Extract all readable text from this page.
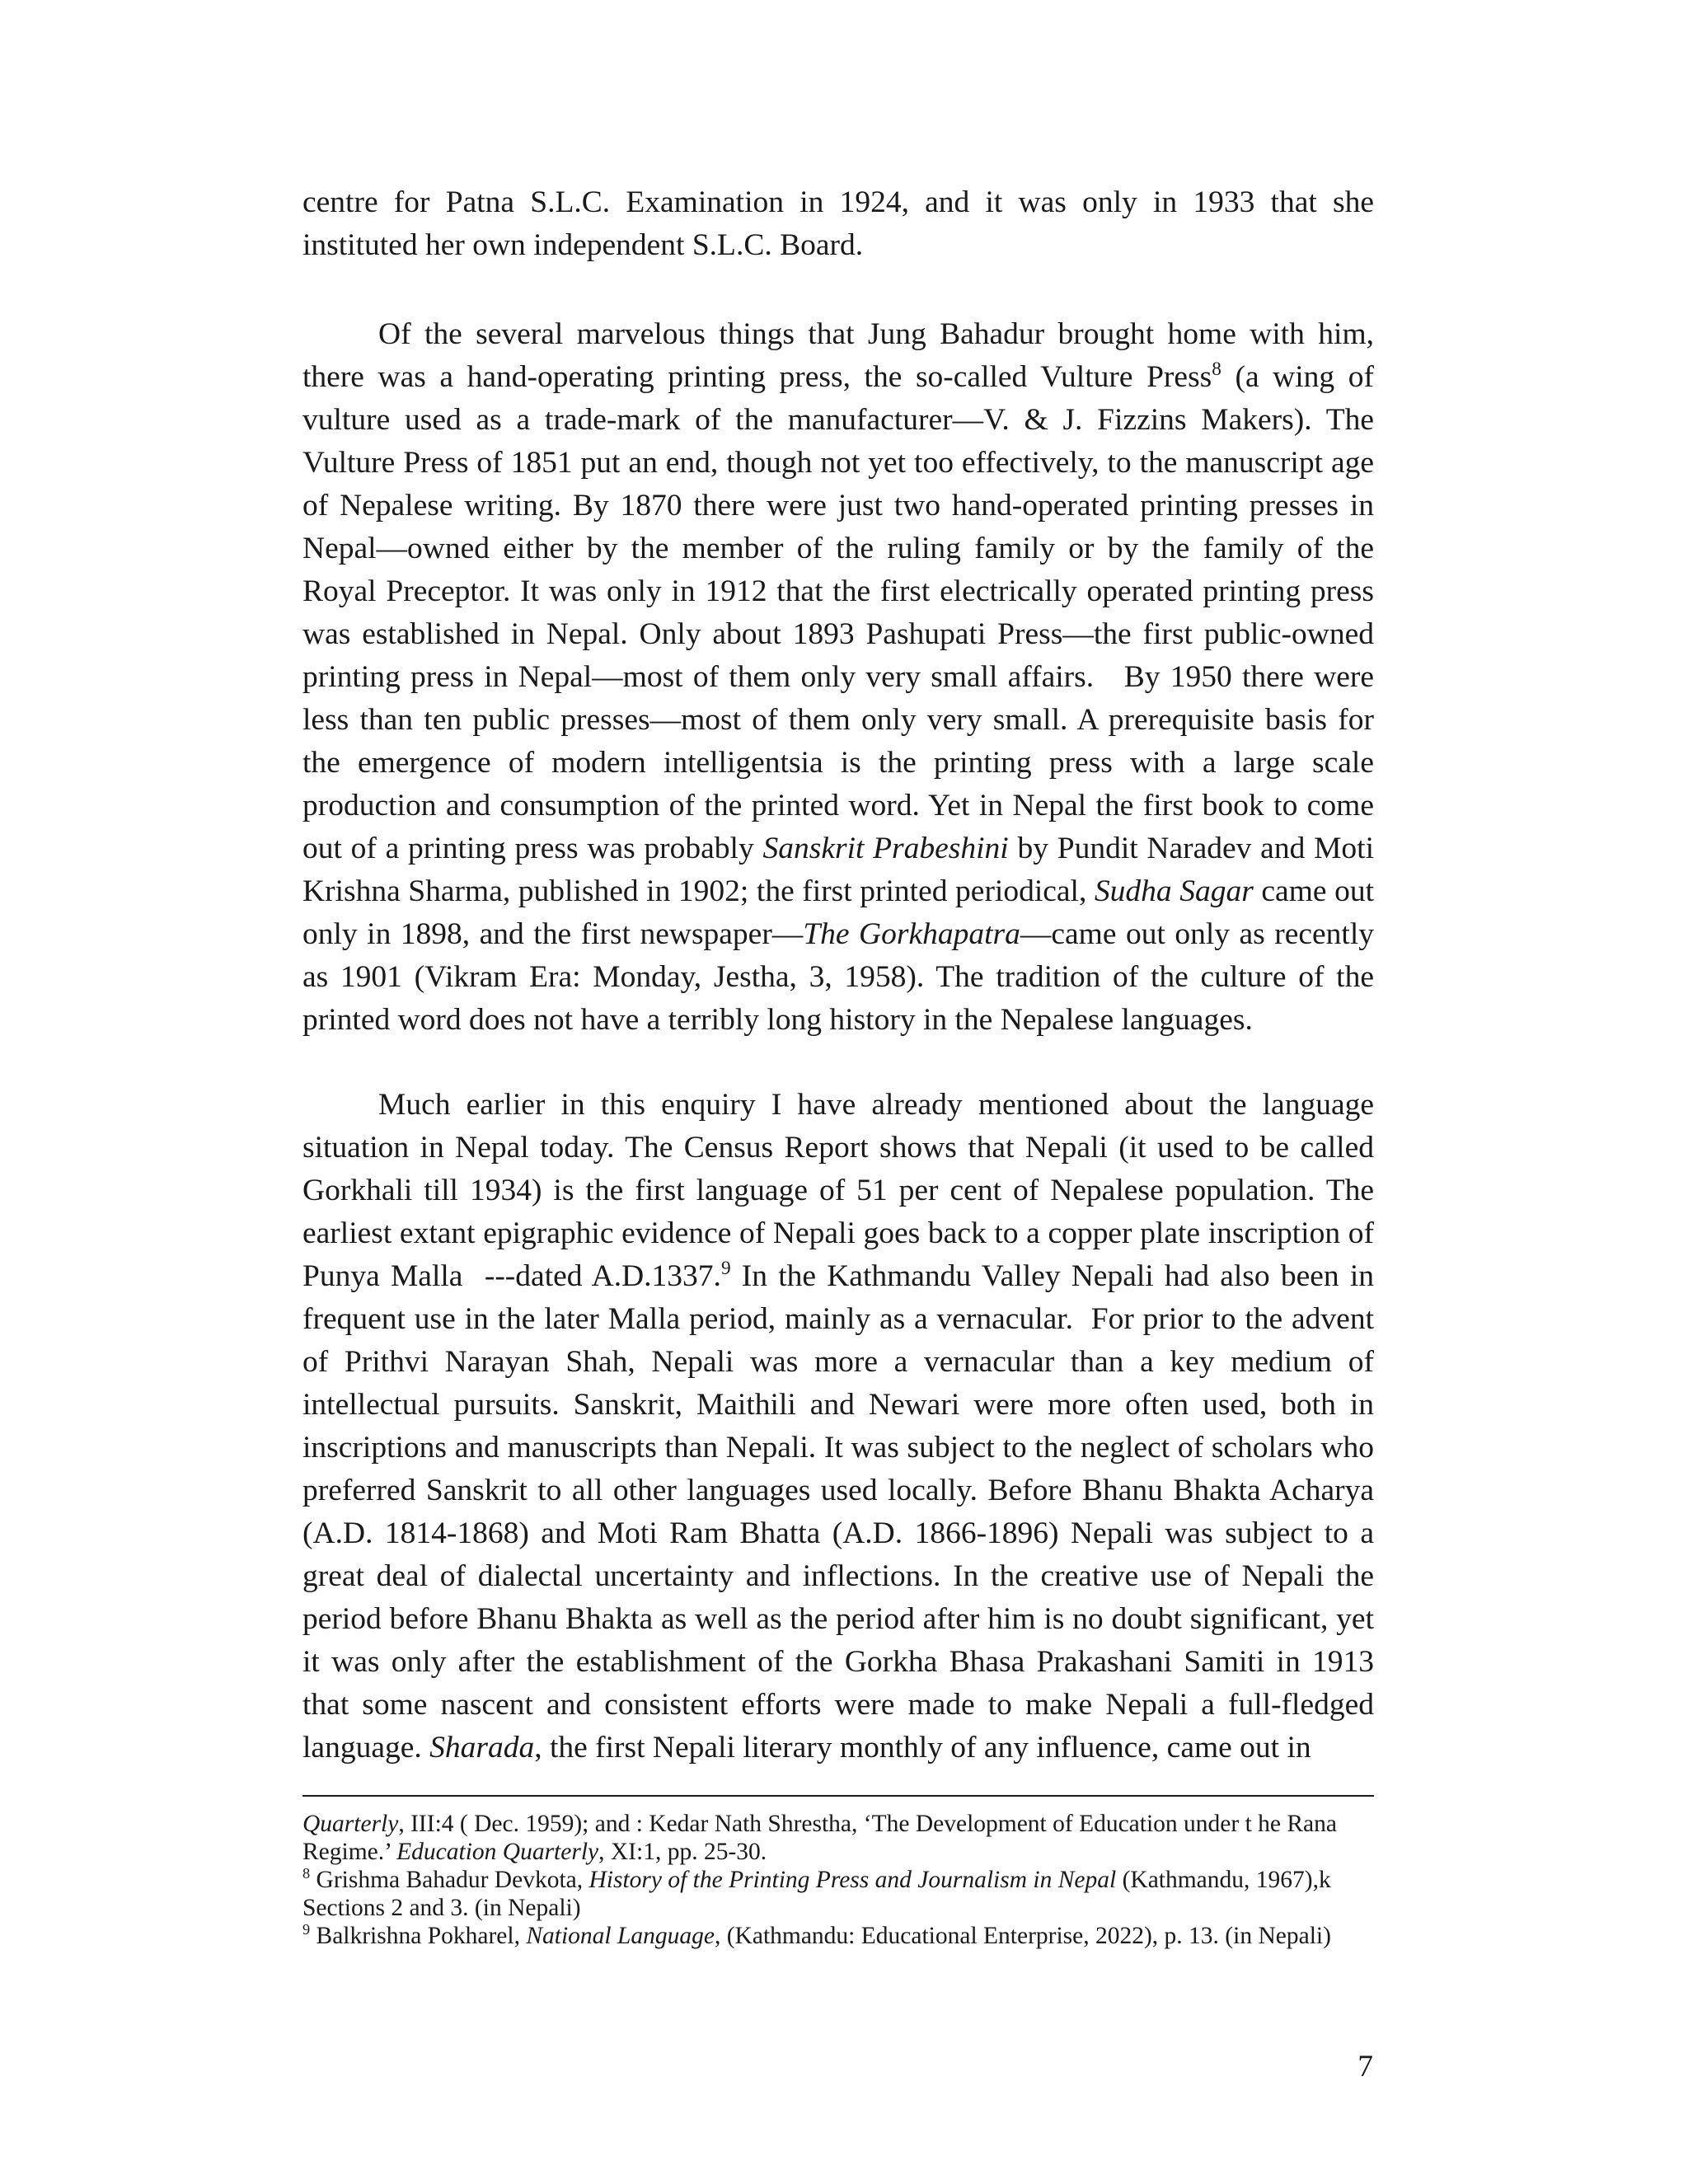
centre for Patna S.L.C. Examination in 1924, and it was only in 1933 that she instituted her own independent S.L.C. Board.

Of the several marvelous things that Jung Bahadur brought home with him, there was a hand-operating printing press, the so-called Vulture Press$^8$ (a wing of vulture used as a trade-mark of the manufacturer—V. & J. Fizzins Makers). The Vulture Press of 1851 put an end, though not yet too effectively, to the manuscript age of Nepalese writing. By 1870 there were just two hand-operated printing presses in Nepal—owned either by the member of the ruling family or by the family of the Royal Preceptor. It was only in 1912 that the first electrically operated printing press was established in Nepal. Only about 1893 Pashupati Press—the first public-owned printing press in Nepal—most of them only very small affairs.   By 1950 there were less than ten public presses—most of them only very small. A prerequisite basis for the emergence of modern intelligentsia is the printing press with a large scale production and consumption of the printed word. Yet in Nepal the first book to come out of a printing press was probably Sanskrit Prabeshini by Pundit Naradev and Moti Krishna Sharma, published in 1902; the first printed periodical, Sudha Sagar came out only in 1898, and the first newspaper—The Gorkhapatra—came out only as recently as 1901 (Vikram Era: Monday, Jestha, 3, 1958). The tradition of the culture of the printed word does not have a terribly long history in the Nepalese languages.

Much earlier in this enquiry I have already mentioned about the language situation in Nepal today. The Census Report shows that Nepali (it used to be called Gorkhali till 1934) is the first language of 51 per cent of Nepalese population. The earliest extant epigraphic evidence of Nepali goes back to a copper plate inscription of Punya Malla  ---dated A.D.1337.$^9$ In the Kathmandu Valley Nepali had also been in frequent use in the later Malla period, mainly as a vernacular.  For prior to the advent of Prithvi Narayan Shah, Nepali was more a vernacular than a key medium of intellectual pursuits. Sanskrit, Maithili and Newari were more often used, both in inscriptions and manuscripts than Nepali. It was subject to the neglect of scholars who preferred Sanskrit to all other languages used locally. Before Bhanu Bhakta Acharya (A.D. 1814-1868) and Moti Ram Bhatta (A.D. 1866-1896) Nepali was subject to a great deal of dialectal uncertainty and inflections. In the creative use of Nepali the period before Bhanu Bhakta as well as the period after him is no doubt significant, yet it was only after the establishment of the Gorkha Bhasa Prakashani Samiti in 1913 that some nascent and consistent efforts were made to make Nepali a full-fledged language. Sharada, the first Nepali literary monthly of any influence, came out in

Quarterly, III:4 ( Dec. 1959); and : Kedar Nath Shrestha, ‘The Development of Education under t he Rana Regime.’ Education Quarterly, XI:1, pp. 25-30.

$^8$ Grishma Bahadur Devkota, History of the Printing Press and Journalism in Nepal (Kathmandu, 1967),k Sections 2 and 3. (in Nepali)

$^9$ Balkrishna Pokharel, National Language, (Kathmandu: Educational Enterprise, 2022), p. 13. (in Nepali)

7
